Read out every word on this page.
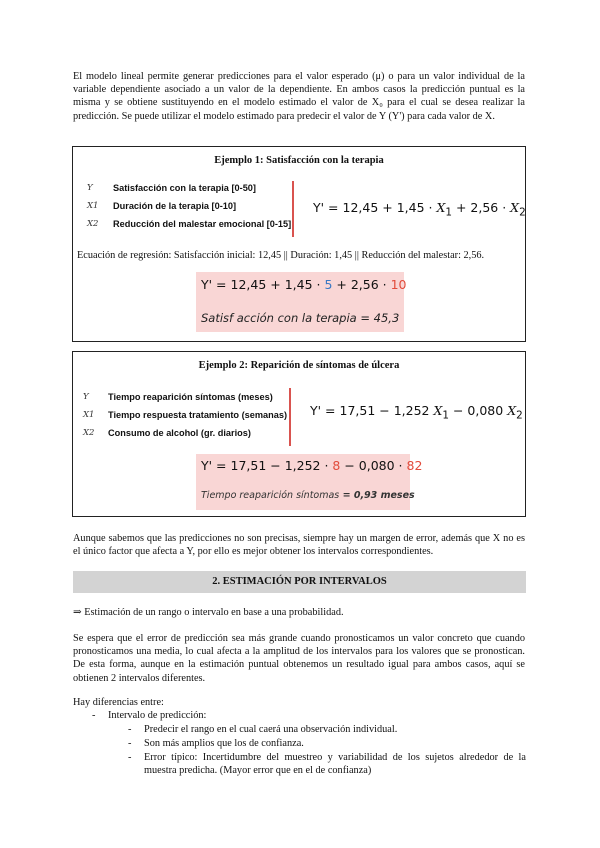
El modelo lineal permite generar predicciones para el valor esperado (μ) o para un valor individual de la variable dependiente asociado a un valor de la dependiente. En ambos casos la predicción puntual es la misma y se obtiene sustituyendo en el modelo estimado el valor de X₀ para el cual se desea realizar la predicción. Se puede utilizar el modelo estimado para predecir el valor de Y (Y') para cada valor de X.

Ejemplo 1: Satisfacción con la terapia
Y Satisfacción con la terapia [0-50]
X1 Duración de la terapia [0-10]
X2 Reducción del malestar emocional [0-15]
$Y' = 12,45 + 1,45 \cdot X_1 + 2,56 \cdot X_2$
Ecuación de regresión: Satisfacción inicial: 12,45 || Duración: 1,45 || Reducción del malestar: 2,56.
Y' = 12,45 + 1,45 · 5 + 2,56 · 10
Satisf acción con la terapia = 45,3
Ejemplo 2: Reparición de síntomas de úlcera
Y Tiempo reaparición síntomas (meses)
X1 Tiempo respuesta tratamiento (semanas)
X2 Consumo de alcohol (gr. diarios)
Y' = 17,51 − 1,252 $X_1 - 0,080$ $X_2$
Y' = 17,51 − 1,252 · 8 − 0,080 · 82
Tiempo reaparición síntomas = 0,93 meses

Aunque sabemos que las predicciones no son precisas, siempre hay un margen de error, además que X no es el único factor que afecta a Y, por ello es mejor obtener los intervalos correspondientes.

2. ESTIMACIÓN POR INTERVALOS
⇒ Estimación de un rango o intervalo en base a una probabilidad.

Se espera que el error de predicción sea más grande cuando pronosticamos un valor concreto que cuando pronosticamos una media, lo cual afecta a la amplitud de los intervalos para los valores que se pronostican. De esta forma, aunque en la estimación puntual obtenemos un resultado igual para ambos casos, aquí se obtienen 2 intervalos diferentes.

Hay diferencias entre:
- Intervalo de predicción:
- Predecir el rango en el cual caerá una observación individual.
- Son más amplios que los de confianza.
- Error típico: Incertidumbre del muestreo y variabilidad de los sujetos alrededor de la muestra predicha. (Mayor error que en el de confianza)
